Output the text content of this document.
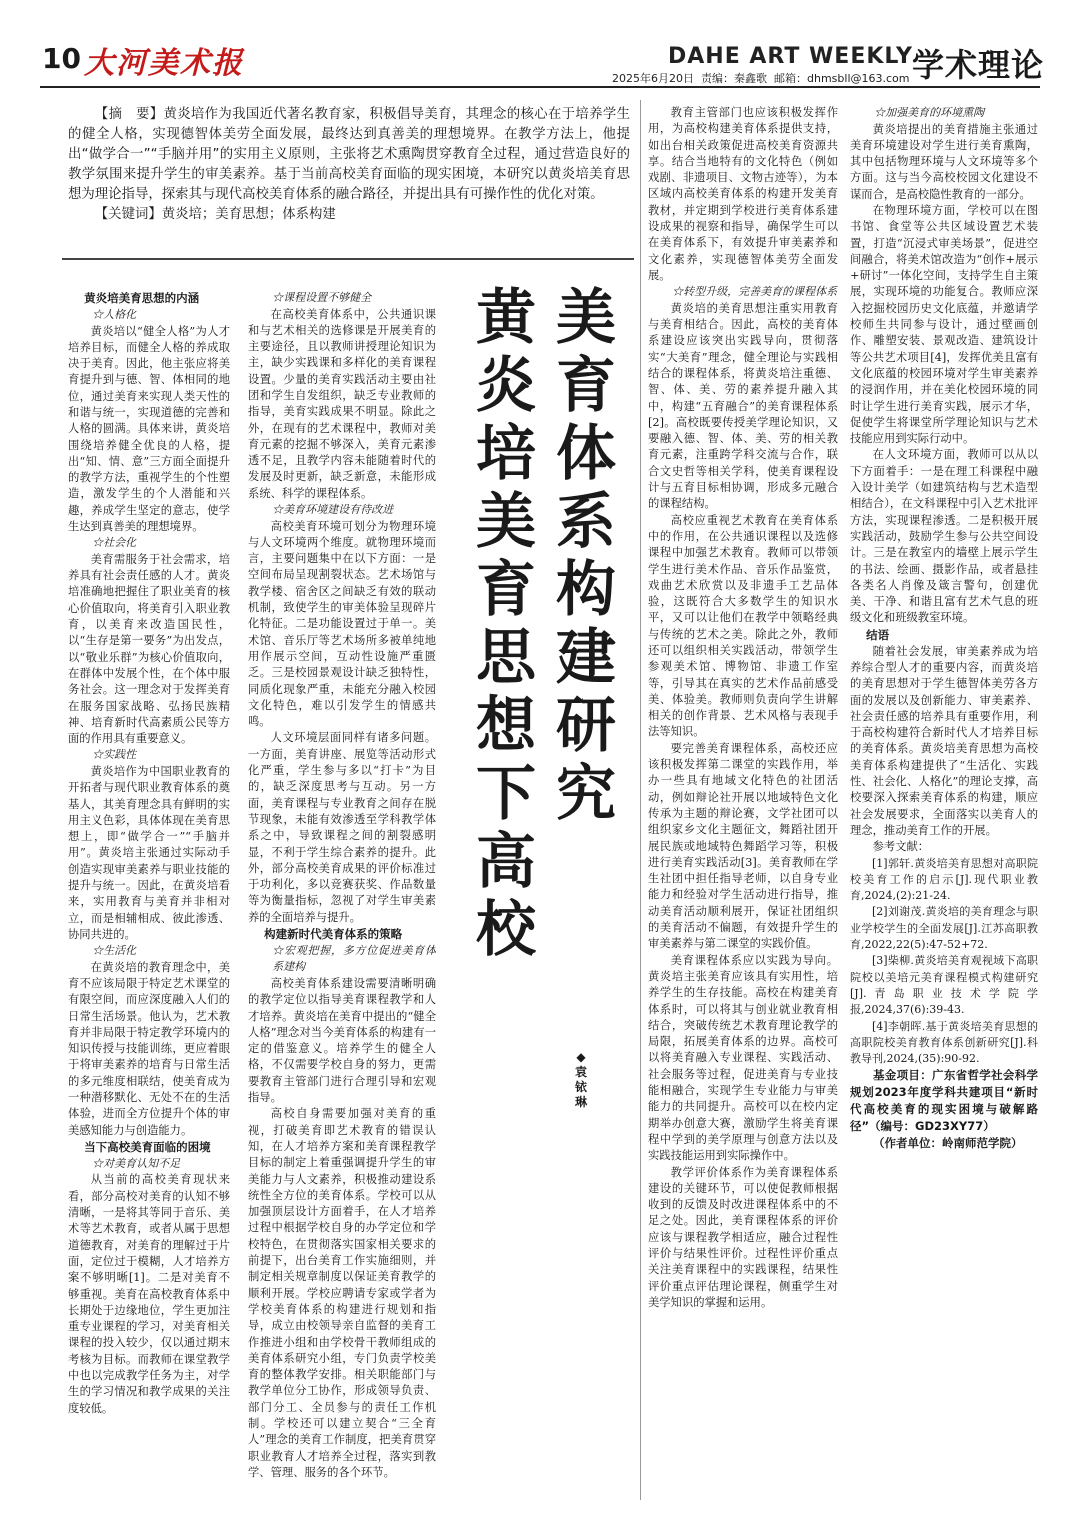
10 大河美术报	DAHE ART WEEKLY 学术理论
2025年6月20日 责编：秦鑫歌 邮箱：dhmsbll@163.com

【摘　要】黄炎培作为我国近代著名教育家，积极倡导美育，其理念的核心在于培养学生的健全人格，实现德智体美劳全面发展，最终达到真善美的理想境界。在教学方法上，他提出“做学合一”“手脑并用”的实用主义原则，主张将艺术熏陶贯穿教育全过程，通过营造良好的教学氛围来提升学生的审美素养。基于当前高校美育面临的现实困境，本研究以黄炎培美育思想为理论指导，探索其与现代高校美育体系的融合路径，并提出具有可操作性的优化对策。

【关键词】黄炎培；美育思想；体系构建

美育体系构建研究
黄炎培美育思想下高校
◆袁铱琳

黄炎培美育思想的内涵

☆人格化

黄炎培以“健全人格”为人才培养目标，而健全人格的养成取决于美育。因此，他主张应将美育提升到与德、智、体相同的地位，通过美育来实现人类天性的和谐与统一，实现道德的完善和人格的圆满。具体来讲，黄炎培围绕培养健全优良的人格，提出“知、情、意”三方面全面提升的教学方法，重视学生的个性塑造，激发学生的个人潜能和兴趣，养成学生坚定的意志，使学生达到真善美的理想境界。

☆社会化

美育需服务于社会需求，培养具有社会责任感的人才。黄炎培准确地把握住了职业美育的核心价值取向，将美育引入职业教育，以美育来改造国民性，以“生存是第一要务”为出发点，以“敬业乐群”为核心价值取向，在群体中发展个性，在个体中服务社会。这一理念对于发挥美育在服务国家战略、弘扬民族精神、培育新时代高素质公民等方面的作用具有重要意义。

☆实践性

黄炎培作为中国职业教育的开拓者与现代职业教育体系的奠基人，其美育理念具有鲜明的实用主义色彩，具体体现在美育思想上，即“做学合一”“手脑并用”。黄炎培主张通过实际动手创造实现审美素养与职业技能的提升与统一。因此，在黄炎培看来，实用教育与美育并非相对立，而是相辅相成、彼此渗透、协同共进的。

☆生活化

在黄炎培的教育理念中，美育不应该局限于特定艺术课堂的有限空间，而应深度融入人们的日常生活场景。他认为，艺术教育并非局限于特定教学环境内的知识传授与技能训练，更应着眼于将审美素养的培育与日常生活的多元维度相联结，使美育成为一种潜移默化、无处不在的生活体验，进而全方位提升个体的审美感知能力与创造能力。

当下高校美育面临的困境

☆对美育认知不足

从当前的高校美育现状来看，部分高校对美育的认知不够清晰，一是将其等同于音乐、美术等艺术教育，或者从属于思想道德教育，对美育的理解过于片面，定位过于模糊，人才培养方案不够明晰[1]。二是对美育不够重视。美育在高校教育体系中长期处于边缘地位，学生更加注重专业课程的学习，对美育相关课程的投入较少，仅以通过期末考核为目标。而教师在课堂教学中也以完成教学任务为主，对学生的学习情况和教学成果的关注度较低。

☆课程设置不够健全

在高校美育体系中，公共通识课和与艺术相关的选修课是开展美育的主要途径，且以教师讲授理论知识为主，缺少实践课和多样化的美育课程设置。少量的美育实践活动主要由社团和学生自发组织，缺乏专业教师的指导，美育实践成果不明显。除此之外，在现有的艺术课程中，教师对美育元素的挖掘不够深入，美育元素渗透不足，且教学内容未能随着时代的发展及时更新，缺乏新意，未能形成系统、科学的课程体系。

☆美育环境建设有待改进

高校美育环境可划分为物理环境与人文环境两个维度。就物理环境而言，主要问题集中在以下方面：一是空间布局呈现割裂状态。艺术场馆与教学楼、宿舍区之间缺乏有效的联动机制，致使学生的审美体验呈现碎片化特征。二是功能设置过于单一。美术馆、音乐厅等艺术场所多被单纯地用作展示空间，互动性设施严重匮乏。三是校园景观设计缺乏独特性，同质化现象严重，未能充分融入校园文化特色，难以引发学生的情感共鸣。

人文环境层面同样有诸多问题。一方面，美育讲座、展览等活动形式化严重，学生参与多以“打卡”为目的，缺乏深度思考与互动。另一方面，美育课程与专业教育之间存在脱节现象，未能有效渗透至学科教学体系之中，导致课程之间的割裂感明显，不利于学生综合素养的提升。此外，部分高校美育成果的评价标准过于功利化，多以竞赛获奖、作品数量等为衡量指标，忽视了对学生审美素养的全面培养与提升。

构建新时代美育体系的策略

☆宏观把握，多方位促进美育体系建构

高校美育体系建设需要清晰明确的教学定位以指导美育课程教学和人才培养。黄炎培在美育中提出的“健全人格”理念对当今美育体系的构建有一定的借鉴意义。培养学生的健全人格，不仅需要学校自身的努力，更需要教育主管部门进行合理引导和宏观指导。

高校自身需要加强对美育的重视，打破美育即艺术教育的错误认知，在人才培养方案和美育课程教学目标的制定上着重强调提升学生的审美能力与人文素养，积极推动建设系统性全方位的美育体系。学校可以从加强顶层设计方面着手，在人才培养过程中根据学校自身的办学定位和学校特色，在贯彻落实国家相关要求的前提下，出台美育工作实施细则，并制定相关规章制度以保证美育教学的顺利开展。学校应聘请专家或学者为学校美育体系的构建进行规划和指导，成立由校领导亲自监督的美育工作推进小组和由学校骨干教师组成的美育体系研究小组，专门负责学校美育的整体教学安排。相关职能部门与教学单位分工协作，形成领导负责、部门分工、全员参与的责任工作机制。学校还可以建立契合“三全育人”理念的美育工作制度，把美育贯穿职业教育人才培养全过程，落实到教学、管理、服务的各个环节。

教育主管部门也应该积极发挥作用，为高校构建美育体系提供支持，如出台相关政策促进高校美育资源共享。结合当地特有的文化特色（例如戏剧、非遗项目、文物古迹等），为本区域内高校美育体系的构建开发美育教材，并定期到学校进行美育体系建设成果的视察和指导，确保学生可以在美育体系下，有效提升审美素养和文化素养，实现德智体美劳全面发展。

☆转型升级，完善美育的课程体系

黄炎培的美育思想注重实用教育与美育相结合。因此，高校的美育体系建设应该突出实践导向，贯彻落实“大美育”理念，健全理论与实践相结合的课程体系，将黄炎培注重德、智、体、美、劳的素养提升融入其中，构建“五育融合”的美育课程体系[2]。高校既要传授美学理论知识，又要融入德、智、体、美、劳的相关教育元素，注重跨学科交流与合作，联合文史哲等相关学科，使美育课程设计与五育目标相协调，形成多元融合的课程结构。

高校应重视艺术教育在美育体系中的作用，在公共通识课程以及选修课程中加强艺术教育。教师可以带领学生进行美术作品、音乐作品鉴赏，戏曲艺术欣赏以及非遗手工艺品体验，这既符合大多数学生的知识水平，又可以让他们在教学中领略经典与传统的艺术之美。除此之外，教师还可以组织相关实践活动，带领学生参观美术馆、博物馆、非遗工作室等，引导其在真实的艺术作品前感受美、体验美。教师则负责向学生讲解相关的创作背景、艺术风格与表现手法等知识。

要完善美育课程体系，高校还应该积极发挥第二课堂的实践作用，举办一些具有地域文化特色的社团活动，例如辩论社开展以地域特色文化传承为主题的辩论赛，文学社团可以组织家乡文化主题征文，舞蹈社团开展民族或地域特色舞蹈学习等，积极进行美育实践活动[3]。美育教师在学生社团中担任指导老师，以自身专业能力和经验对学生活动进行指导，推动美育活动顺利展开，保证社团组织的美育活动不偏题，有效提升学生的审美素养与第二课堂的实践价值。

美育课程体系应以实践为导向。黄炎培主张美育应该具有实用性，培养学生的生存技能。高校在构建美育体系时，可以将其与创业就业教育相结合，突破传统艺术教育理论教学的局限，拓展美育体系的边界。高校可以将美育融入专业课程、实践活动、社会服务等过程，促进美育与专业技能相融合，实现学生专业能力与审美能力的共同提升。高校可以在校内定期举办创意大赛，激励学生将美育课程中学到的美学原理与创意方法以及实践技能运用到实际操作中。

教学评价体系作为美育课程体系建设的关键环节，可以使促教师根据收到的反馈及时改进课程体系中的不足之处。因此，美育课程体系的评价应该与课程教学相适应，融合过程性评价与结果性评价。过程性评价重点关注美育课程中的实践课程，结果性评价重点评估理论课程，侧重学生对美学知识的掌握和运用。

☆加强美育的环境熏陶

黄炎培提出的美育措施主张通过美育环境建设对学生进行美育熏陶，其中包括物理环境与人文环境等多个方面。这与当今高校校园文化建设不谋而合，是高校隐性教育的一部分。

在物理环境方面，学校可以在图书馆、食堂等公共区域设置艺术装置，打造“沉浸式审美场景”，促进空间融合，将美术馆改造为“创作+展示+研讨”一体化空间，支持学生自主策展，实现环境的功能复合。教师应深入挖掘校园历史文化底蕴，并邀请学校师生共同参与设计，通过壁画创作、雕塑安装、景观改造、建筑设计等公共艺术项目[4]，发挥优美且富有文化底蕴的校园环境对学生审美素养的浸润作用，并在美化校园环境的同时让学生进行美育实践，展示才华，促使学生将课堂所学理论知识与艺术技能应用到实际行动中。

在人文环境方面，教师可以从以下方面着手：一是在理工科课程中融入设计美学（如建筑结构与艺术造型相结合），在文科课程中引入艺术批评方法，实现课程渗透。二是积极开展实践活动，鼓励学生参与公共空间设计。三是在教室内的墙壁上展示学生的书法、绘画、摄影作品，或者悬挂各类名人肖像及箴言警句，创建优美、干净、和谐且富有艺术气息的班级文化和班级教室环境。

结语

随着社会发展，审美素养成为培养综合型人才的重要内容，而黄炎培的美育思想对于学生德智体美劳各方面的发展以及创新能力、审美素养、社会责任感的培养具有重要作用，利于高校构建符合新时代人才培养目标的美育体系。黄炎培美育思想为高校美育体系构建提供了“生活化、实践性、社会化、人格化”的理论支撑，高校要深入探索美育体系的构建，顺应社会发展要求，全面落实以美育人的理念，推动美育工作的开展。

参考文献：

[1]郭轩.黄炎培美育思想对高职院校美育工作的启示[J].现代职业教育,2024,(2):21-24.

[2]刘谢茂.黄炎培的美育理念与职业学校学生的全面发展[J].江苏高职教育,2022,22(5):47-52+72.

[3]柴柳.黄炎培美育观视域下高职院校以美培元美育课程模式构建研究[J].青岛职业技术学院学报,2024,37(6):39-43.

[4]李朝晖.基于黄炎培美育思想的高职院校美育教育体系创新研究[J].科教导刊,2024,(35):90-92.

基金项目：广东省哲学社会科学规划2023年度学科共建项目“新时代高校美育的现实困境与破解路径”（编号：GD23XY77）

（作者单位：岭南师范学院）
